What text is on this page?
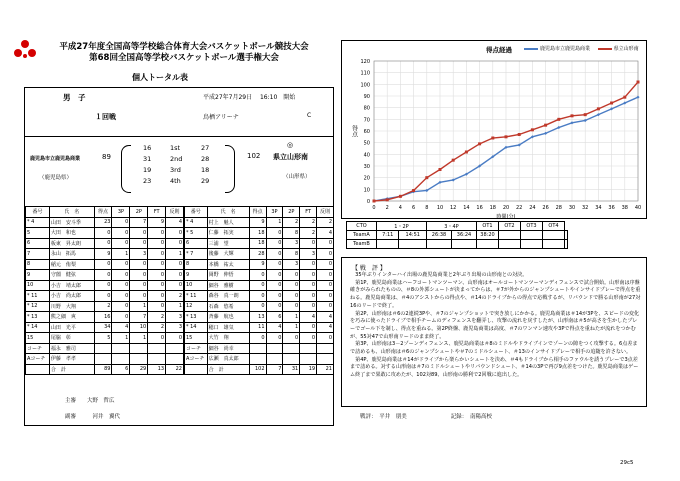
平成27年度全国高等学校総合体育大会バスケットボール競技大会
第68回全国高等学校バスケットボール選手権大会
個人トータル表
男　子	平成27年7月29日　 16:10　開始
１回戦	鳥栖アリーナ	C
鹿児島市立鹿児島商業	89
（鹿児島県）
16	1st	27
31	2nd	28
19	3rd	18
23	4th	29
◎
102 県立山形南
（山形県）
番号	氏　名	得点	3P	2P	FT	反則
* 4	山田　安斗季	23	0	7	9	4
5	大田　和也	0	0	0	0	0
6	板東　昇太朗	0	0	0	0	0
7	永山　拓馬	9	1	3	0	1
8	稲元　侑梨	0	0	0	0	0
9	守薗　健弦	0	0	0	0	0
10	小吉　靖太郎	0	0	0	0	0
* 11	小吉　尚太郎	0	0	0	0	2
* 12	川野　大翔	2	0	1	0	1
* 13	熊之細　爽	16	0	7	2	3
* 14	山田　光平	34	4	10	2	3
15	尾脇　彰	5	1	1	0	0
コーチ	福永　雅司					
Aコーチ	伊藤　孝孝					
	合　計	89	6	29	13	22
番号	氏　名	得点	3P	2P	FT	反則
* 4	村上　魁人	9	1	2	2	2
* 5	仁藤　拓実	18	0	8	2	4
6	三浦　望	18	0	3	0	0
* 7	後藤　大輝	28	0	8	3	0
8	本橋　祐太	9	0	3	0	0
9	岡野　伸悟	0	0	0	0	0
10	細谷　雅樹	0	0	0	0	0
* 11	森谷　真一朗	0	0	0	0	0
12	石森　悠希	0	0	0	0	0
* 13	斉藤　航也	13	6	1	4	4
* 14	穂口　雄気	11	4	1	0	4
15	大竹　翔	0	0	0	0	0
コーチ	細谷　尚幸					
Aコーチ	広瀬　真太郎					
	合　計	102	7	31	19	21
主審　　大野　哲広
副審　　　河井　翼代
得点経過	鹿児島市立鹿児島商業	県立山形南
0
10
20
30
40
50
60
70
80
90
100
110
120
0 2 4 6 8 10 12 14 16 18 20 22 24 26 28 30 32 34 36 38 40
時間(分)
得点
CTO	1・2P		3・4P		OT1	OT2	OT3	OT4	
TeamA	7:11	14:51	26:38	36:24	38:20				
TeamB									
【 戦　評 】
　35年ぶりインターハイ出場の鹿児島商業と2年ぶり出場の山形南との対決。
　第1P、鹿児島商業はハーフコートマンツーマン、山形南はオールコートマンツーマンディフェンスで試合開始。山形南は序盤確きがみられたものの、＃8の外郭シュートが決まってからは、＃7が外からのジャンプシュートやインサイドプレーで得点を重ねる。鹿児島商業は、＃4のアシストからの得点や、＃14のドライブからの得点で応戦するが、リバウンドで勝る山形南が27対16のリードで終了。
　第2P、山形南は＃6の2連続3Pや、＃7のジャンプショットで突き放しにかかる。鹿児島商業は＃14が3Pを、スピードの変化を巧みに使ったドライブで相手チームのディフェンスを翻弄し、攻撃の流れを戻すしたが、山形南は＃5が高さを生かしたプレーでゴール下を制し、得点を重ねる。第2P終盤、鹿児島商業は高度、＃7のワンマン速攻や3Pで得点を重ねたが流れをつかむが、55対47で山形南リードのまま終了。
　第3P、山形南は3－2ゾーンディフェンス、鹿児島商業は＃8のミドルやドライブインでゾーンの隙をつく攻撃する。6点差まで詰めるも、山形南は＃6のジャンプシュートや＃7のミドルシュート、＃13のインサイドプレーで相手の追随を許さない。
　第4P、鹿児島商業は＃14がドライブから楽らかいシュートを決め、＃4もドライブから相手のファウルを誘うプレーで3点差まで詰める。対する山形南は＃7のミドルシュートやリバウンドシュート、＃14の3Pで再び9点差をつけた。鹿児島商業はゲーム終了まで果敢に攻めたが、102対89、山形南の勝利で2回戦に進出した。
戦評：　平井　朋美　　　　　　　　記録：　南陽高校
29c5
